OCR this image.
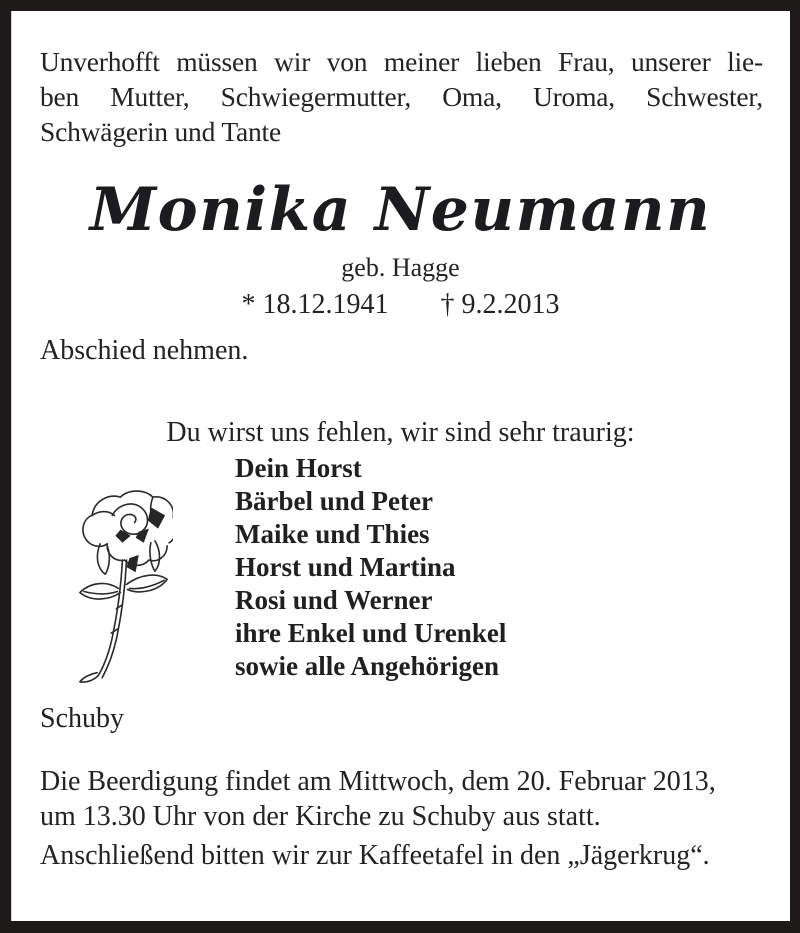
Unverhofft müssen wir von meiner lieben Frau, unserer lie-
ben Mutter, Schwiegermutter, Oma, Uroma, Schwester,
Schwägerin und Tante
Monika Neumann
geb. Hagge
* 18.12.1941 † 9.2.2013
Abschied nehmen.
Du wirst uns fehlen, wir sind sehr traurig:
Dein Horst
Bärbel und Peter
Maike und Thies
Horst und Martina
Rosi und Werner
ihre Enkel und Urenkel
sowie alle Angehörigen
Schuby
Die Beerdigung findet am Mittwoch, dem 20. Februar 2013,
um 13.30 Uhr von der Kirche zu Schuby aus statt.
Anschließend bitten wir zur Kaffeetafel in den „Jägerkrug“.
